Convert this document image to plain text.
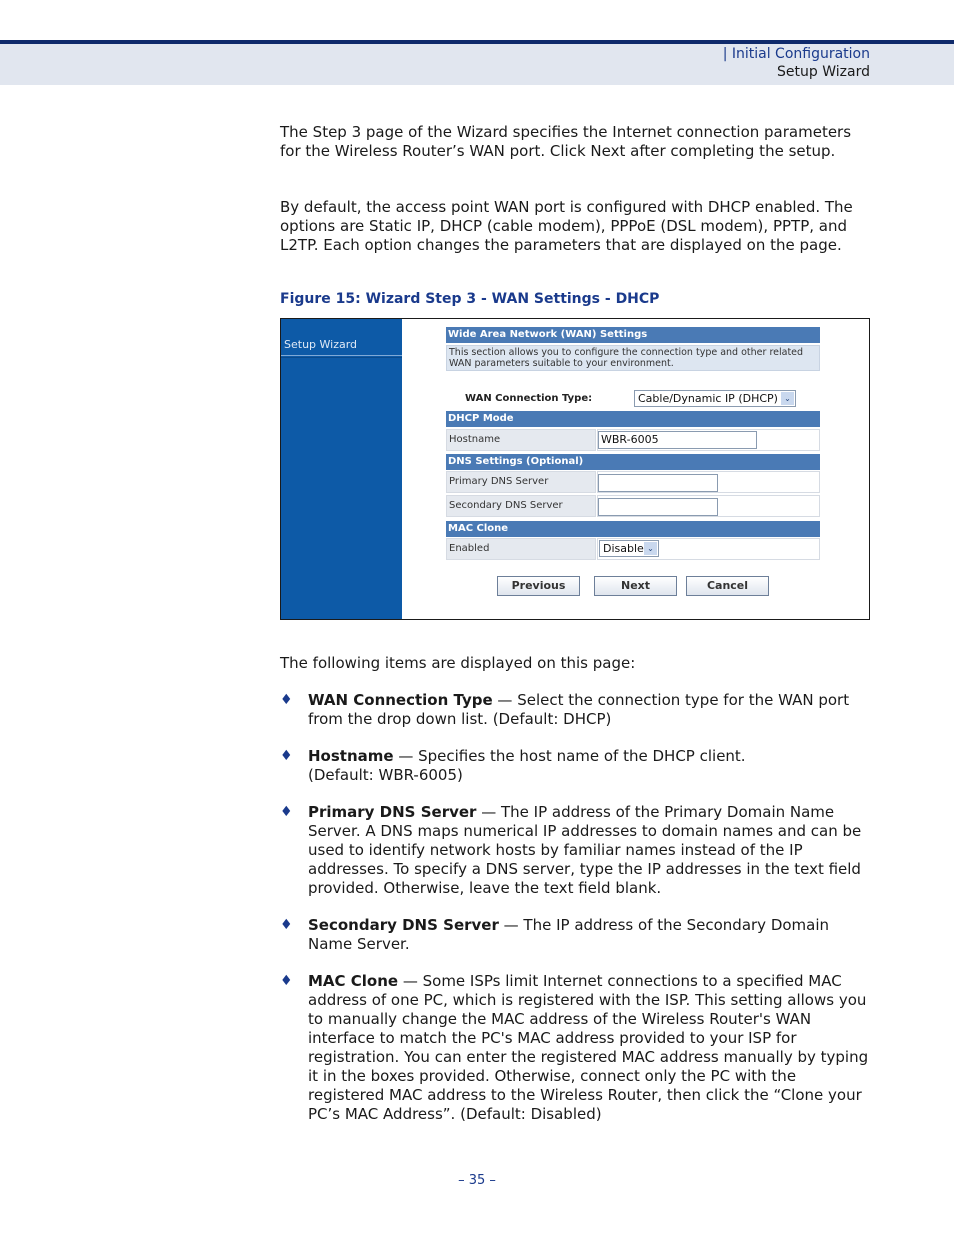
| Initial Configuration
Setup Wizard

The Step 3 page of the Wizard specifies the Internet connection parameters for the Wireless Router’s WAN port. Click Next after completing the setup.

By default, the access point WAN port is configured with DHCP enabled. The options are Static IP, DHCP (cable modem), PPPoE (DSL modem), PPTP, and L2TP. Each option changes the parameters that are displayed on the page.

Figure 15: Wizard Step 3 - WAN Settings - DHCP
Setup Wizard
Wide Area Network (WAN) Settings
This section allows you to configure the connection type and other related WAN parameters suitable to your environment.
WAN Connection Type:	Cable/Dynamic IP (DHCP) ⌄
DHCP Mode
Hostname	WBR-6005
DNS Settings (Optional)
Primary DNS Server
Secondary DNS Server
MAC Clone
Enabled	Disable ⌄
Previous	Next	Cancel

The following items are displayed on this page:

♦ WAN Connection Type — Select the connection type for the WAN port from the drop down list. (Default: DHCP)

♦ Hostname — Specifies the host name of the DHCP client.
(Default: WBR-6005)

♦ Primary DNS Server — The IP address of the Primary Domain Name Server. A DNS maps numerical IP addresses to domain names and can be used to identify network hosts by familiar names instead of the IP addresses. To specify a DNS server, type the IP addresses in the text field provided. Otherwise, leave the text field blank.

♦ Secondary DNS Server — The IP address of the Secondary Domain Name Server.

♦ MAC Clone — Some ISPs limit Internet connections to a specified MAC address of one PC, which is registered with the ISP. This setting allows you to manually change the MAC address of the Wireless Router's WAN interface to match the PC's MAC address provided to your ISP for registration. You can enter the registered MAC address manually by typing it in the boxes provided. Otherwise, connect only the PC with the registered MAC address to the Wireless Router, then click the “Clone your PC’s MAC Address”. (Default: Disabled)

– 35 –
